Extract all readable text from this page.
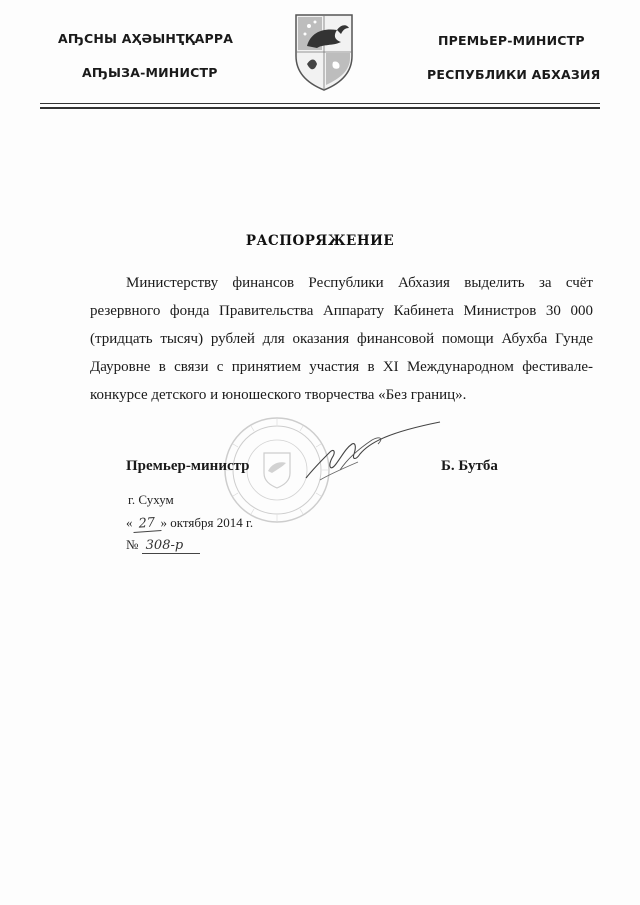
АҦСНЫ АҲӘЫНҬҚАРРА
АҦЫЗА-МИНИСТР
ПРЕМЬЕР-МИНИСТР
РЕСПУБЛИКИ АБХАЗИЯ
РАСПОРЯЖЕНИЕ
Министерству финансов Республики Абхазия выделить за счёт
резервного фонда Правительства Аппарату Кабинета Министров 30 000
(тридцать тысяч) рублей для оказания финансовой помощи Абухба Гунде
Дауровне в связи с принятием участия в XI Международном фестивале-
конкурсе детского и юношеского творчества «Без границ».
Премьер-министр	Б. Бутба
г. Сухум
« 27 » октября 2014 г.
№ 308-р
